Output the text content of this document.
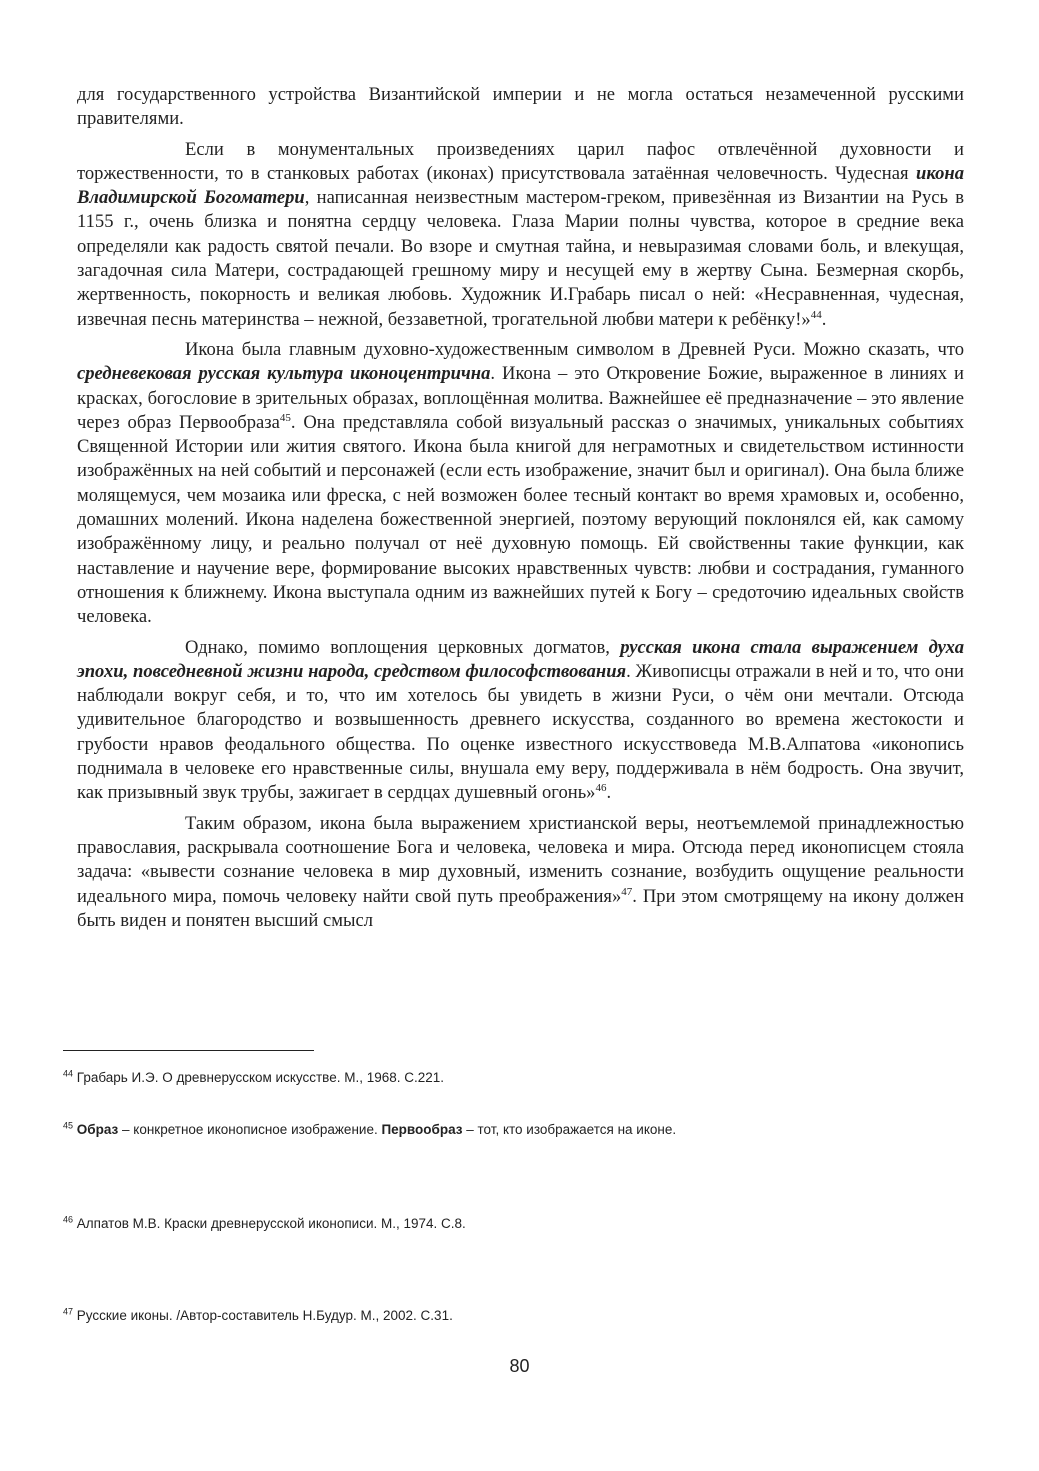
для государственного устройства Византийской империи и не могла остаться незамеченной русскими правителями.

Если в монументальных произведениях царил пафос отвлечённой духовности и торжественности, то в станковых работах (иконах) присутствовала затаённая человечность. Чудесная икона Владимирской Богоматери, написанная неизвестным мастером-греком, привезённая из Византии на Русь в 1155 г., очень близка и понятна сердцу человека. Глаза Марии полны чувства, которое в средние века определяли как радость святой печали. Во взоре и смутная тайна, и невыразимая словами боль, и влекущая, загадочная сила Матери, сострадающей грешному миру и несущей ему в жертву Сына. Безмерная скорбь, жертвенность, покорность и великая любовь. Художник И.Грабарь писал о ней: «Несравненная, чудесная, извечная песнь материнства – нежной, беззаветной, трогательной любви матери к ребёнку!»$^{44}$.

Икона была главным духовно-художественным символом в Древней Руси. Можно сказать, что средневековая русская культура иконоцентрична. Икона – это Откровение Божие, выраженное в линиях и красках, богословие в зрительных образах, воплощённая молитва. Важнейшее её предназначение – это явление через образ Первообраза$^{45}$. Она представляла собой визуальный рассказ о значимых, уникальных событиях Священной Истории или жития святого. Икона была книгой для неграмотных и свидетельством истинности изображённых на ней событий и персонажей (если есть изображение, значит был и оригинал). Она была ближе молящемуся, чем мозаика или фреска, с ней возможен более тесный контакт во время храмовых и, особенно, домашних молений. Икона наделена божественной энергией, поэтому верующий поклонялся ей, как самому изображённому лицу, и реально получал от неё духовную помощь. Ей свойственны такие функции, как наставление и научение вере, формирование высоких нравственных чувств: любви и сострадания, гуманного отношения к ближнему. Икона выступала одним из важнейших путей к Богу – средоточию идеальных свойств человека.

Однако, помимо воплощения церковных догматов, русская икона стала выражением духа эпохи, повседневной жизни народа, средством философствования. Живописцы отражали в ней и то, что они наблюдали вокруг себя, и то, что им хотелось бы увидеть в жизни Руси, о чём они мечтали. Отсюда удивительное благородство и возвышенность древнего искусства, созданного во времена жестокости и грубости нравов феодального общества. По оценке известного искусствоведа М.В.Алпатова «иконопись поднимала в человеке его нравственные силы, внушала ему веру, поддерживала в нём бодрость. Она звучит, как призывный звук трубы, зажигает в сердцах душевный огонь»$^{46}$.

Таким образом, икона была выражением христианской веры, неотъемлемой принадлежностью православия, раскрывала соотношение Бога и человека, человека и мира. Отсюда перед иконописцем стояла задача: «вывести сознание человека в мир духовный, изменить сознание, возбудить ощущение реальности идеального мира, помочь человеку найти свой путь преображения»$^{47}$. При этом смотрящему на икону должен быть виден и понятен высший смысл

$^{44}$ Грабарь И.Э. О древнерусском искусстве. М., 1968. С.221.
$^{45}$ Образ – конкретное иконописное изображение. Первообраз – тот, кто изображается на иконе.
$^{46}$ Алпатов М.В. Краски древнерусской иконописи. М., 1974. С.8.
$^{47}$ Русские иконы. /Автор-составитель Н.Будур. М., 2002. С.31.
80
